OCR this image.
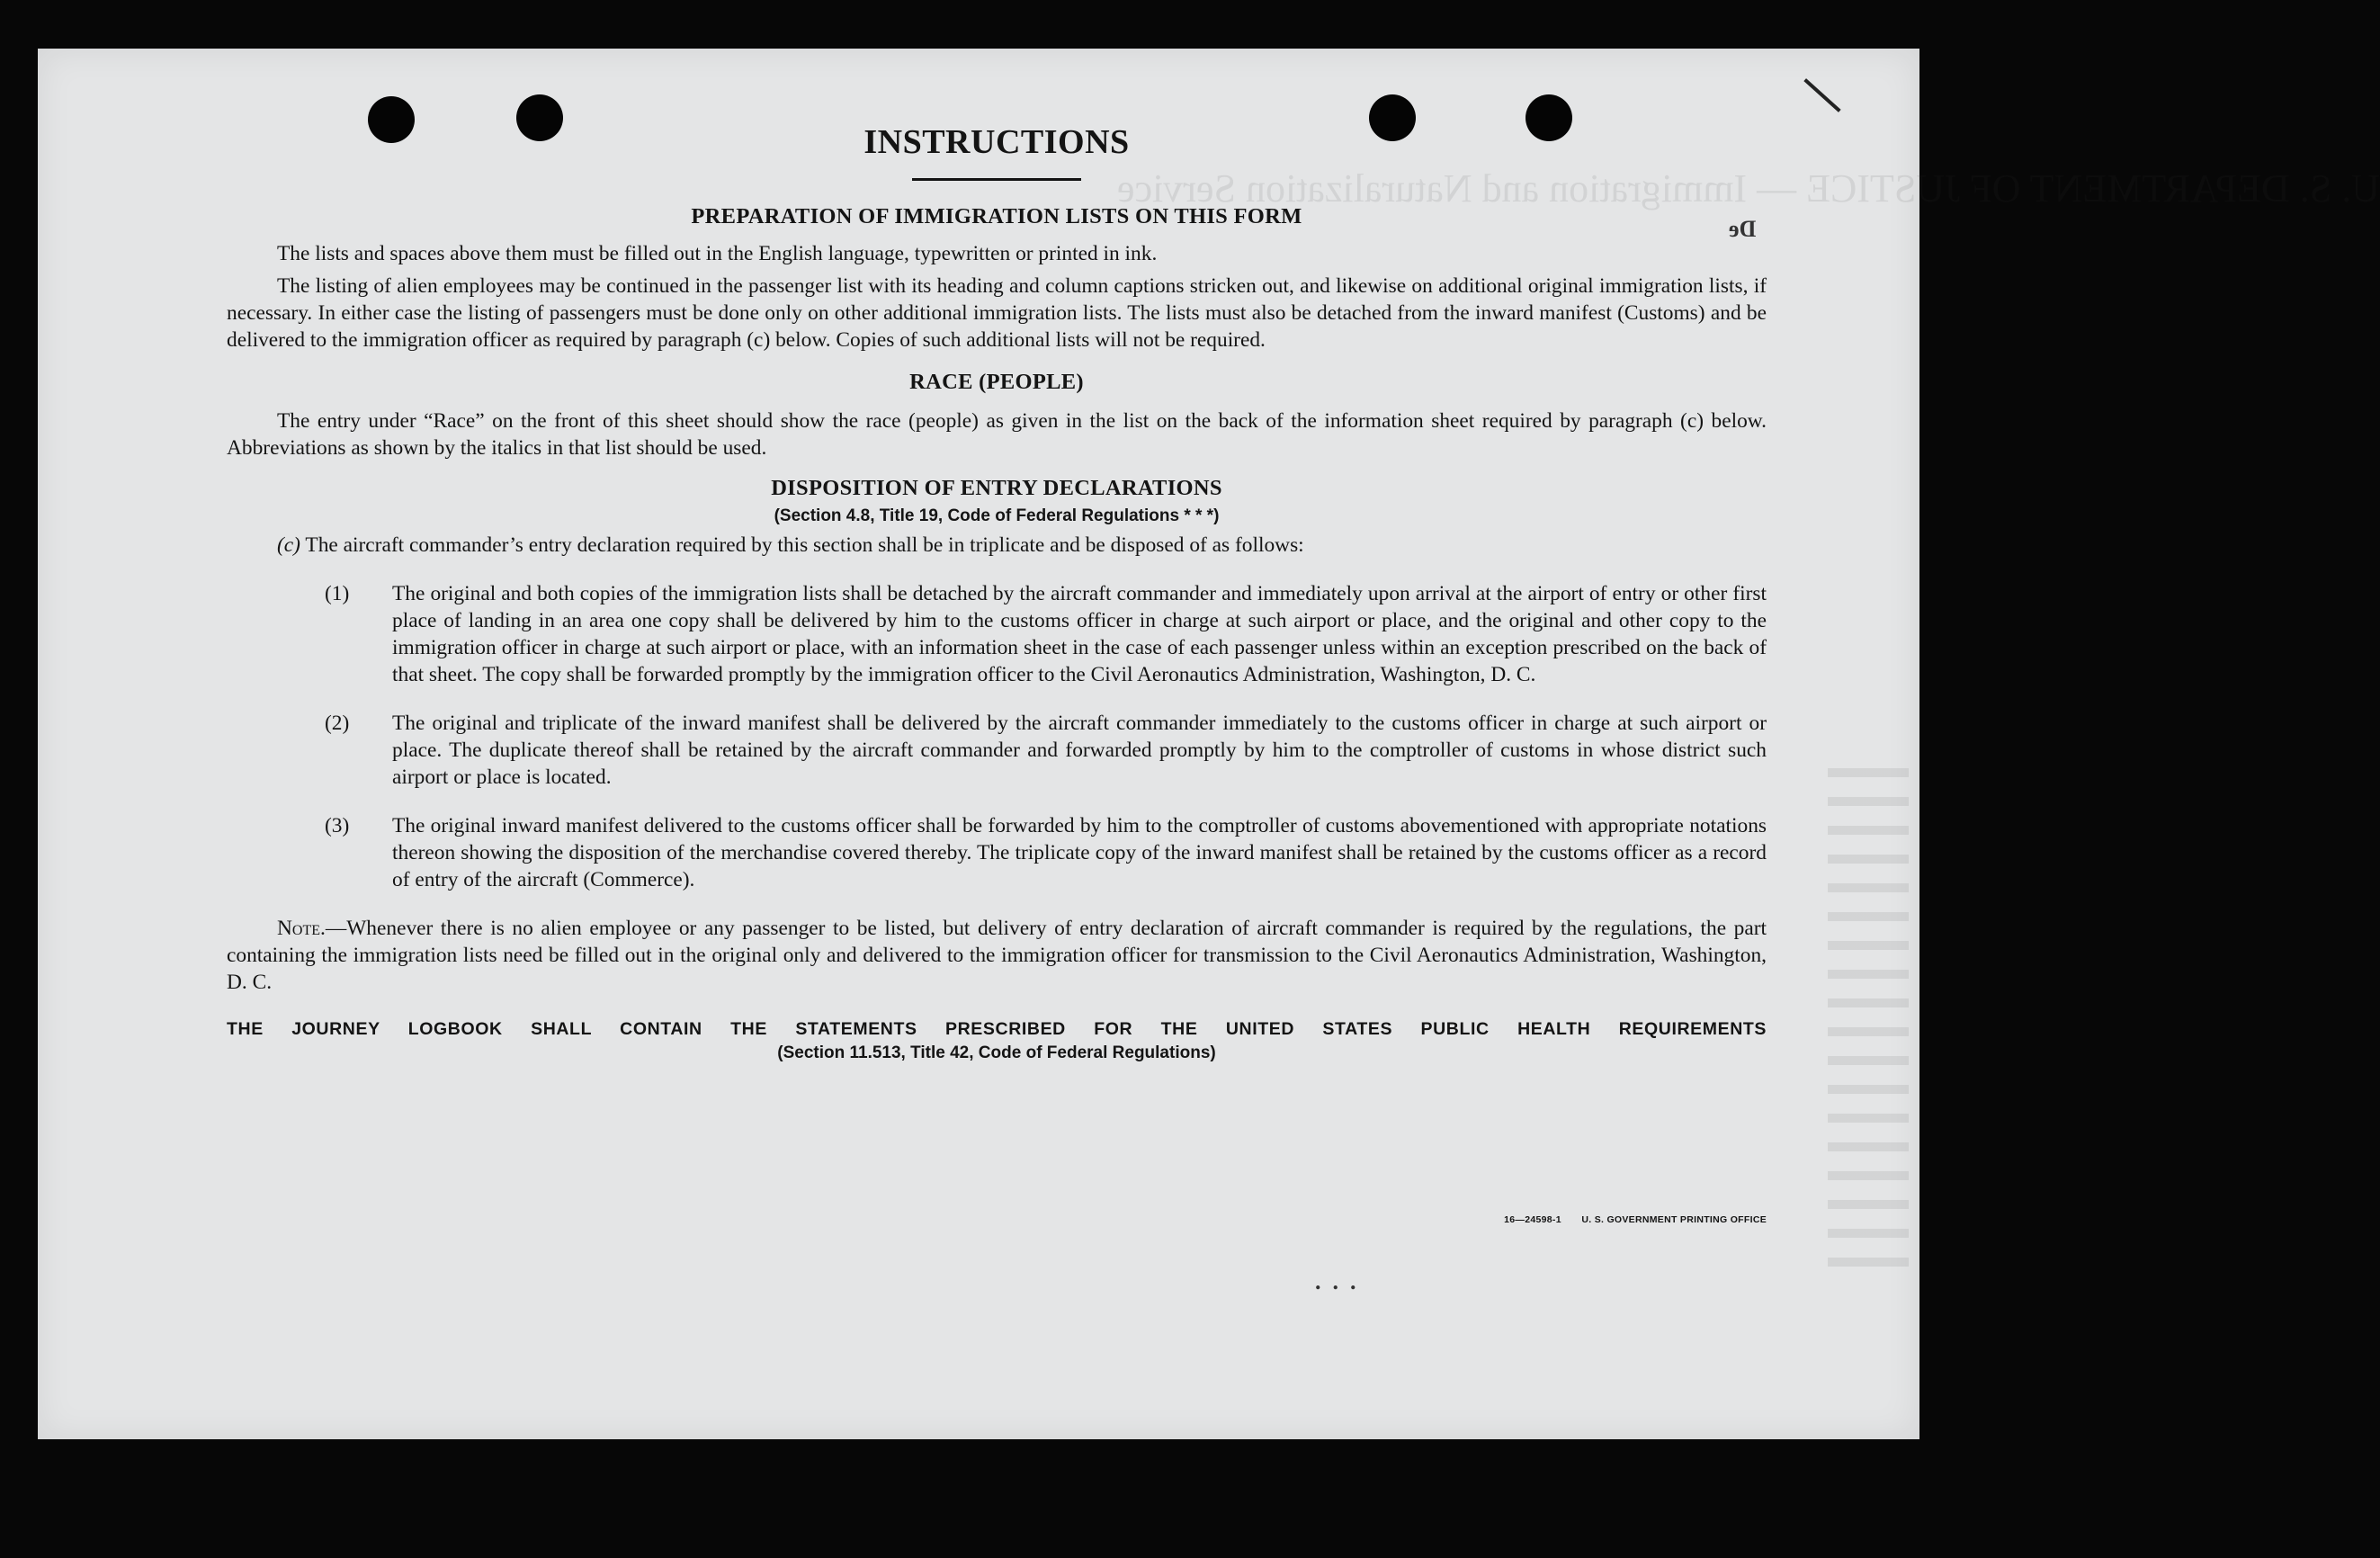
U. S. DEPARTMENT OF JUSTICE — Immigration and Naturalization Service
De
INSTRUCTIONS
PREPARATION OF IMMIGRATION LISTS ON THIS FORM

The lists and spaces above them must be filled out in the English language, typewritten or printed in ink.

The listing of alien employees may be continued in the passenger list with its heading and column captions stricken out, and likewise on additional original immigration lists, if necessary. In either case the listing of passengers must be done only on other additional immigration lists. The lists must also be detached from the inward manifest (Customs) and be delivered to the immigration officer as required by paragraph (c) below. Copies of such additional lists will not be required.

RACE (PEOPLE)

The entry under “Race” on the front of this sheet should show the race (people) as given in the list on the back of the information sheet required by paragraph (c) below. Abbreviations as shown by the italics in that list should be used.

DISPOSITION OF ENTRY DECLARATIONS
(Section 4.8, Title 19, Code of Federal Regulations * * *)

(c) The aircraft commander’s entry declaration required by this section shall be in triplicate and be disposed of as follows:

(1) The original and both copies of the immigration lists shall be detached by the aircraft commander and immediately upon arrival at the airport of entry or other first place of landing in an area one copy shall be delivered by him to the customs officer in charge at such airport or place, and the original and other copy to the immigration officer in charge at such airport or place, with an information sheet in the case of each passenger unless within an exception prescribed on the back of that sheet. The copy shall be forwarded promptly by the immigration officer to the Civil Aeronautics Administration, Washington, D. C.
(2) The original and triplicate of the inward manifest shall be delivered by the aircraft commander immediately to the customs officer in charge at such airport or place. The duplicate thereof shall be retained by the aircraft commander and forwarded promptly by him to the comptroller of customs in whose district such airport or place is located.
(3) The original inward manifest delivered to the customs officer shall be forwarded by him to the comptroller of customs abovementioned with appropriate notations thereon showing the disposition of the merchandise covered thereby. The triplicate copy of the inward manifest shall be retained by the customs officer as a record of entry of the aircraft (Commerce).

Note.—Whenever there is no alien employee or any passenger to be listed, but delivery of entry declaration of aircraft commander is required by the regulations, the part containing the immigration lists need be filled out in the original only and delivered to the immigration officer for transmission to the Civil Aeronautics Administration, Washington, D. C.

THE JOURNEY LOGBOOK SHALL CONTAIN THE STATEMENTS PRESCRIBED FOR THE UNITED STATES PUBLIC HEALTH REQUIREMENTS
(Section 11.513, Title 42, Code of Federal Regulations)
16—24598-1 U. S. GOVERNMENT PRINTING OFFICE
.  .  .
